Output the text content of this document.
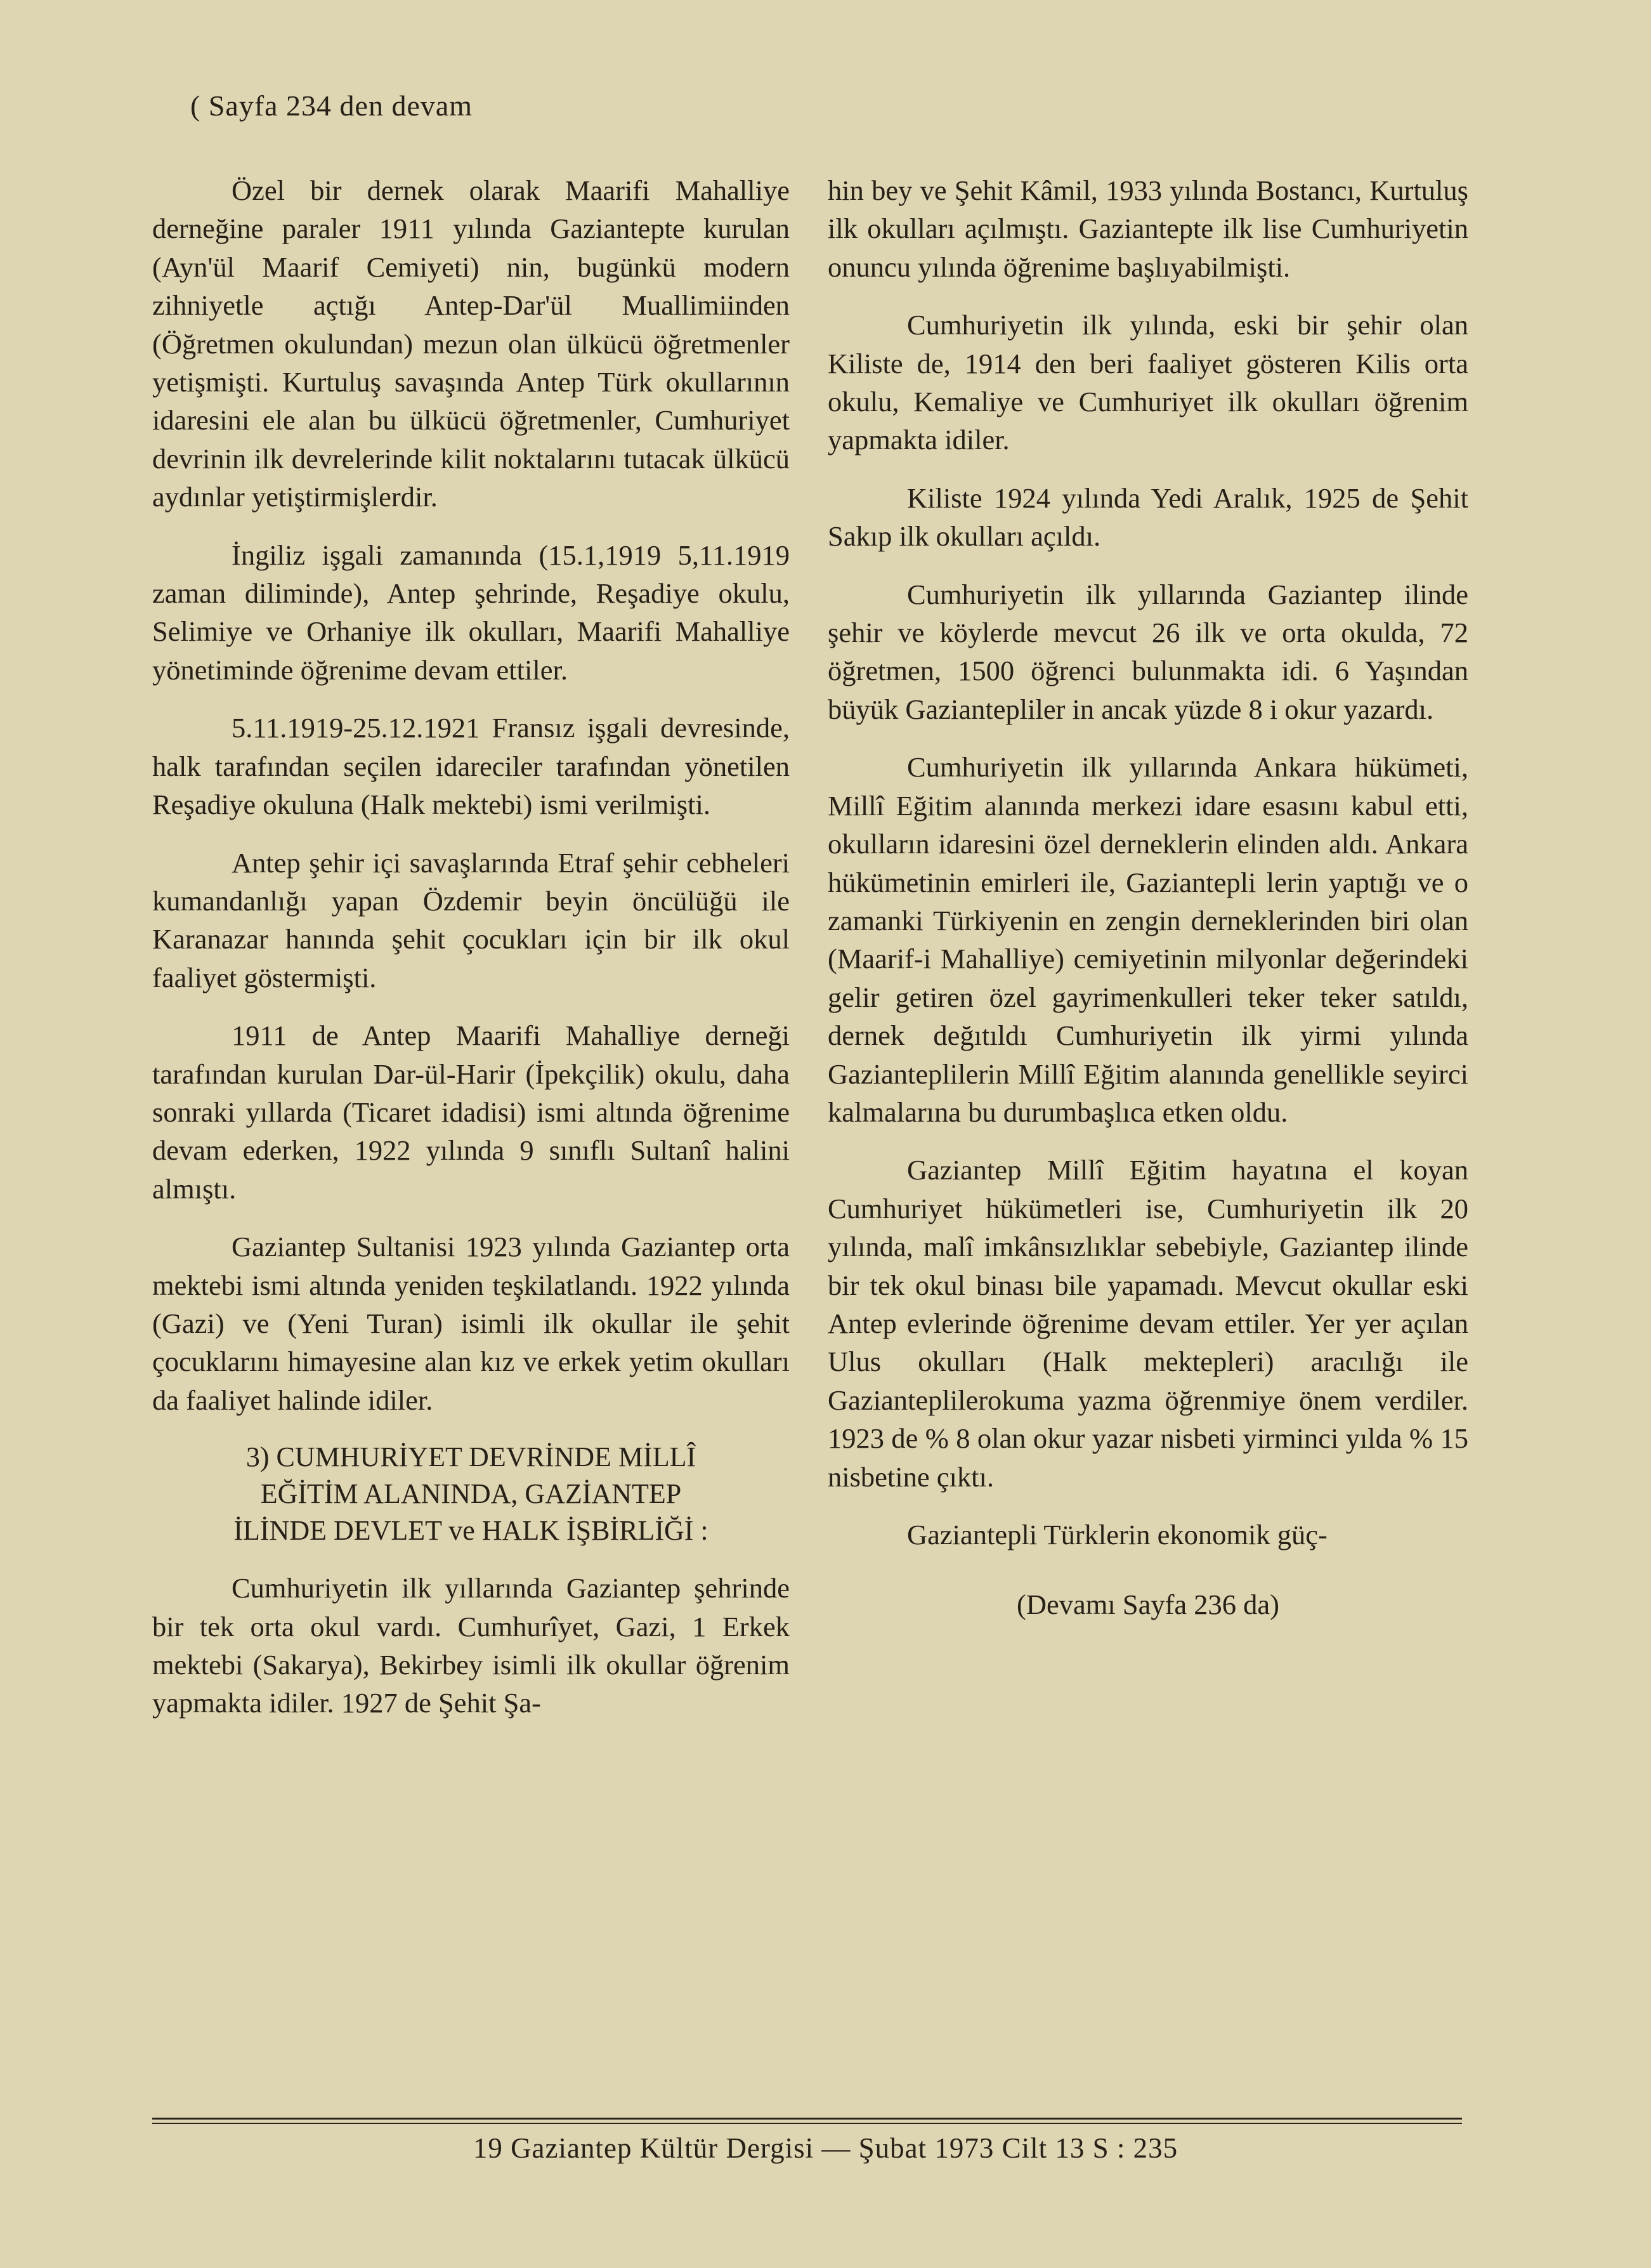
( Sayfa 234 den devam

Özel bir dernek olarak Maarifi Mahalliye derneğine paraler 1911 yılında Gaziantepte kurulan (Ayn'ül Maarif Cemiyeti) nin, bugünkü modern zihniyetle açtığı Antep-Dar'ül Muallimiinden (Öğretmen okulundan) mezun olan ülkücü öğretmenler yetişmişti. Kurtuluş savaşında Antep Türk okullarının idaresini ele alan bu ülkücü öğretmenler, Cumhuriyet devrinin ilk devrelerinde kilit noktalarını tutacak ülkücü aydınlar yetiştirmişlerdir.

İngiliz işgali zamanında (15.1,1919 5,11.1919 zaman diliminde), Antep şehrinde, Reşadiye okulu, Selimiye ve Orhaniye ilk okulları, Maarifi Mahalliye yönetiminde öğrenime devam ettiler.

5.11.1919-25.12.1921 Fransız işgali devresinde, halk tarafından seçilen idareciler tarafından yönetilen Reşadiye okuluna (Halk mektebi) ismi verilmişti.

Antep şehir içi savaşlarında Etraf şehir cebheleri kumandanlığı yapan Özdemir beyin öncülüğü ile Karanazar hanında şehit çocukları için bir ilk okul faaliyet göstermişti.

1911 de Antep Maarifi Mahalliye derneği tarafından kurulan Dar-ül-Harir (İpekçilik) okulu, daha sonraki yıllarda (Ticaret idadisi) ismi altında öğrenime devam ederken, 1922 yılında 9 sınıflı Sultanî halini almıştı.

Gaziantep Sultanisi 1923 yılında Gaziantep orta mektebi ismi altında yeniden teşkilatlandı. 1922 yılında (Gazi) ve (Yeni Turan) isimli ilk okullar ile şehit çocuklarını himayesine alan kız ve erkek yetim okulları da faaliyet halinde idiler.

3) CUMHURİYET DEVRİNDE MİLLÎ
EĞİTİM ALANINDA, GAZİANTEP
İLİNDE DEVLET ve HALK İŞBİRLİĞİ :

Cumhuriyetin ilk yıllarında Gaziantep şehrinde bir tek orta okul vardı. Cumhurîyet, Gazi, 1 Erkek mektebi (Sakarya), Bekirbey isimli ilk okullar öğrenim yapmakta idiler. 1927 de Şehit Şa-

hin bey ve Şehit Kâmil, 1933 yılında Bostancı, Kurtuluş ilk okulları açılmıştı. Gaziantepte ilk lise Cumhuriyetin onuncu yılında öğrenime başlıyabilmişti.

Cumhuriyetin ilk yılında, eski bir şehir olan Kiliste de, 1914 den beri faaliyet gösteren Kilis orta okulu, Kemaliye ve Cumhuriyet ilk okulları öğrenim yapmakta idiler.

Kiliste 1924 yılında Yedi Aralık, 1925 de Şehit Sakıp ilk okulları açıldı.

Cumhuriyetin ilk yıllarında Gaziantep ilinde şehir ve köylerde mevcut 26 ilk ve orta okulda, 72 öğretmen, 1500 öğrenci bulunmakta idi. 6 Yaşından büyük Gaziantepliler in ancak yüzde 8 i okur yazardı.

Cumhuriyetin ilk yıllarında Ankara hükümeti, Millî Eğitim alanında merkezi idare esasını kabul etti, okulların idaresini özel derneklerin elinden aldı. Ankara hükümetinin emirleri ile, Gaziantepli lerin yaptığı ve o zamanki Türkiyenin en zengin derneklerinden biri olan (Maarif-i Mahalliye) cemiyetinin milyonlar değerindeki gelir getiren özel gayrimenkulleri teker teker satıldı, dernek değıtıldı Cumhuriyetin ilk yirmi yılında Gazianteplilerin Millî Eğitim alanında genellikle seyirci kalmalarına bu durumbaşlıca etken oldu.

Gaziantep Millî Eğitim hayatına el koyan Cumhuriyet hükümetleri ise, Cumhuriyetin ilk 20 yılında, malî imkânsızlıklar sebebiyle, Gaziantep ilinde bir tek okul binası bile yapamadı. Mevcut okullar eski Antep evlerinde öğrenime devam ettiler. Yer yer açılan Ulus okulları (Halk mektepleri) aracılığı ile Gazianteplilerokuma yazma öğrenmiye önem verdiler. 1923 de % 8 olan okur yazar nisbeti yirminci yılda % 15 nisbetine çıktı.

Gaziantepli Türklerin ekonomik güç-

(Devamı Sayfa 236 da)

19 Gaziantep Kültür Dergisi — Şubat 1973 Cilt 13 S : 235
